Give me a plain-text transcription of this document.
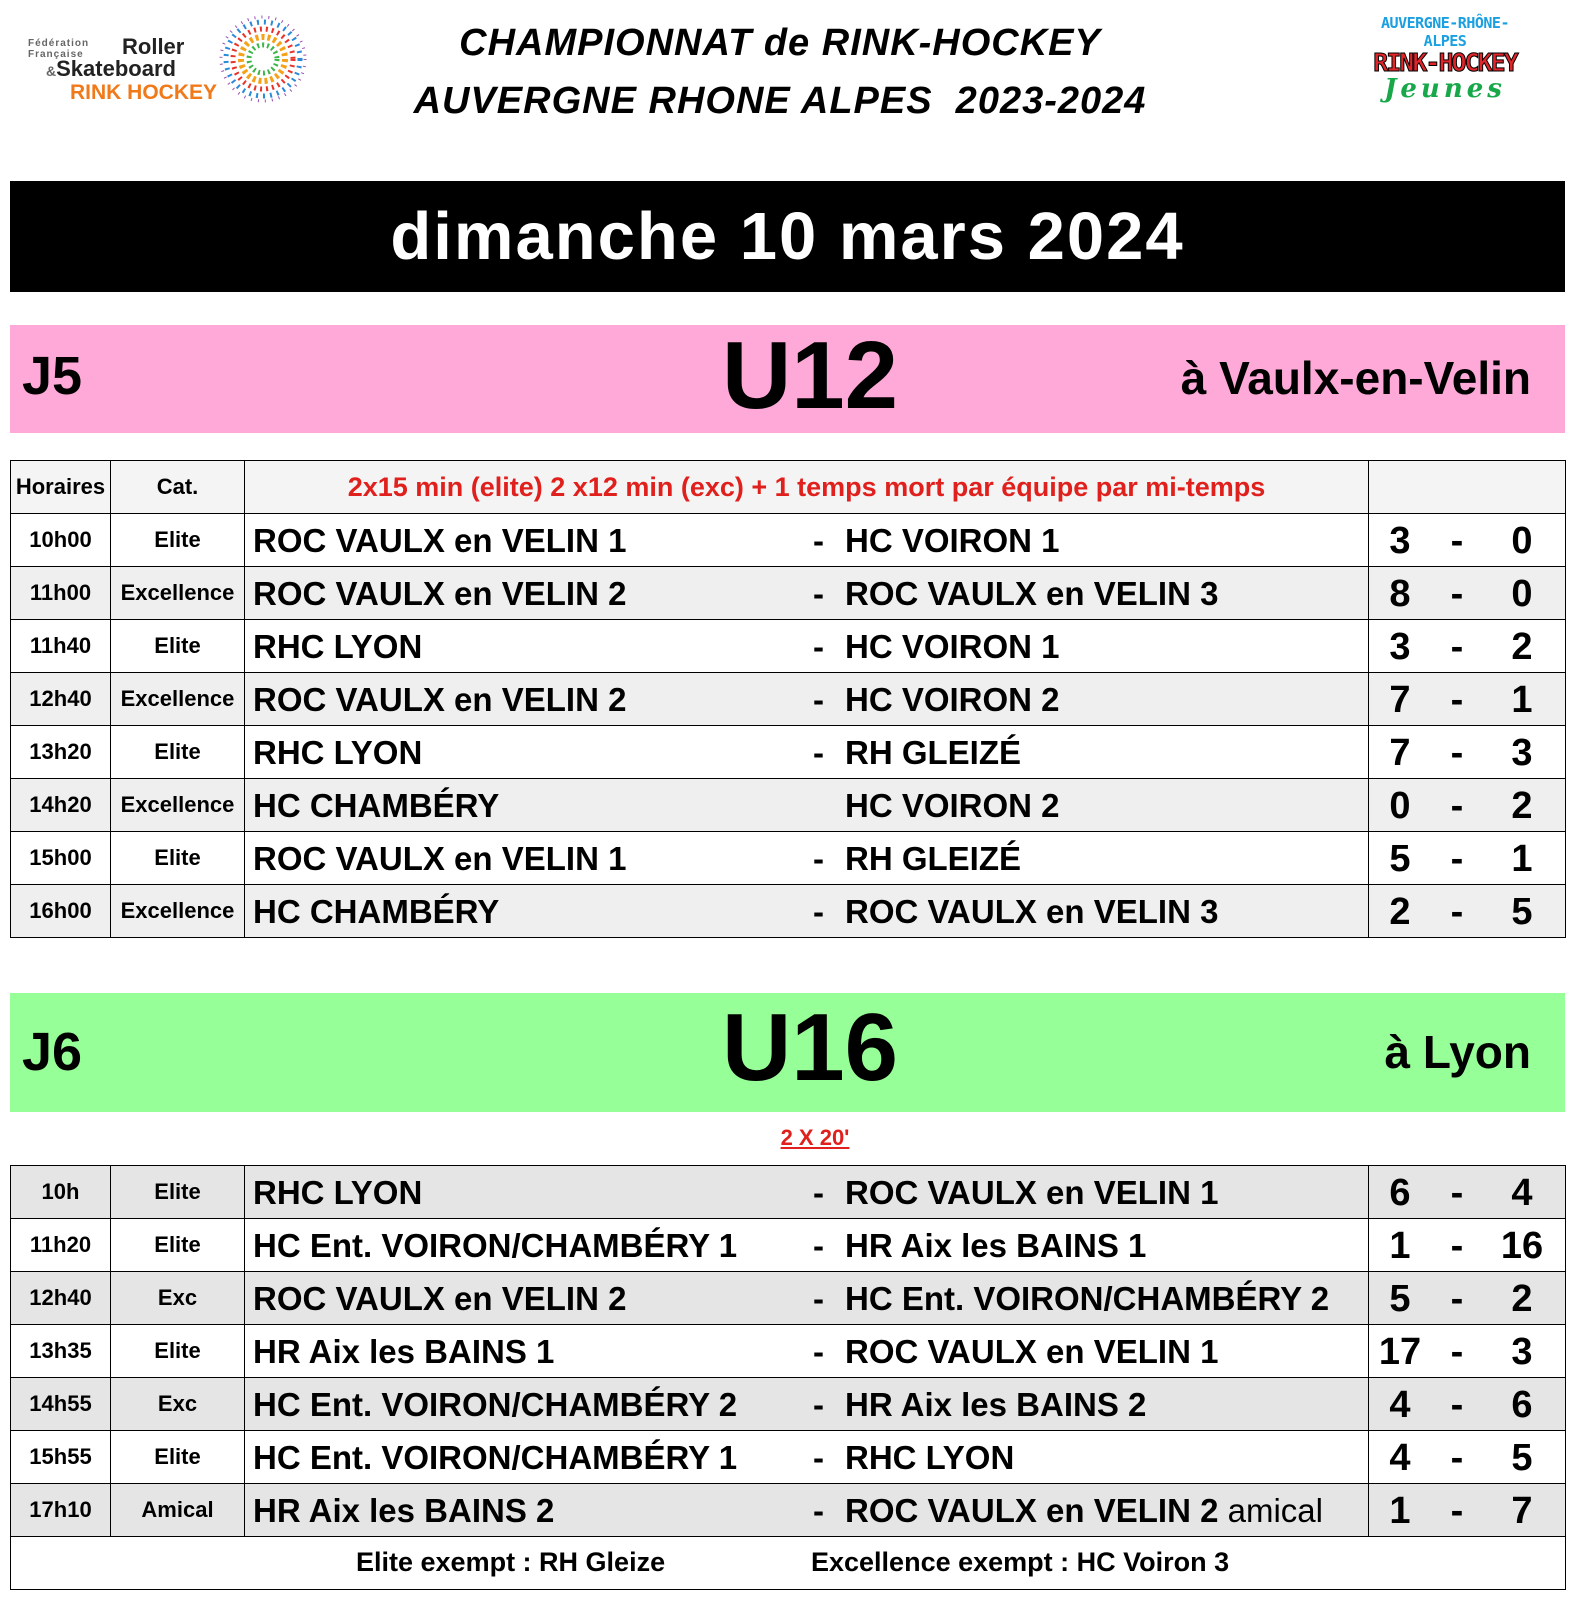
Fédération Française	Roller
&Skateboard
RINK HOCKEY
AUVERGNE-RHÔNE-ALPES
RINK-HOCKEY
Jeunes
CHAMPIONNAT de RINK-HOCKEY
AUVERGNE RHONE ALPES  2023-2024
dimanche 10 mars 2024
J5	U12	à Vaulx-en-Velin
Horaires	Cat.	2x15 min (elite) 2 x12 min (exc) + 1 temps mort par équipe par mi-temps	
10h00	Elite	ROC VAULX en VELIN 1 - HC VOIRON 1	3 - 0

11h00	Excellence	ROC VAULX en VELIN 2 - ROC VAULX en VELIN 3	8 - 0

11h40	Elite	RHC LYON - HC VOIRON 1	3 - 2

12h40	Excellence	ROC VAULX en VELIN 2 - HC VOIRON 2	7 - 1

13h20	Elite	RHC LYON - RH GLEIZÉ	7 - 3

14h20	Excellence	HC CHAMBÉRY HC VOIRON 2	0 - 2

15h00	Elite	ROC VAULX en VELIN 1 - RH GLEIZÉ	5 - 1

16h00	Excellence	HC CHAMBÉRY - ROC VAULX en VELIN 3	2 - 5
J6	U16	à Lyon
2 X 20'
10h	Elite	RHC LYON - ROC VAULX en VELIN 1	6 - 4

11h20	Elite	HC Ent. VOIRON/CHAMBÉRY 1 - HR Aix les BAINS 1	1 - 16

12h40	Exc	ROC VAULX en VELIN 2 - HC Ent. VOIRON/CHAMBÉRY 2	5 - 2

13h35	Elite	HR Aix les BAINS 1 - ROC VAULX en VELIN 1	17 - 3

14h55	Exc	HC Ent. VOIRON/CHAMBÉRY 2 - HR Aix les BAINS 2	4 - 6

15h55	Elite	HC Ent. VOIRON/CHAMBÉRY 1 - RHC LYON	4 - 5

17h10	Amical	HR Aix les BAINS 2 - ROC VAULX en VELIN 2 amical	1 - 7

Elite exempt : RH Gleize Excellence exempt : HC Voiron 3			
